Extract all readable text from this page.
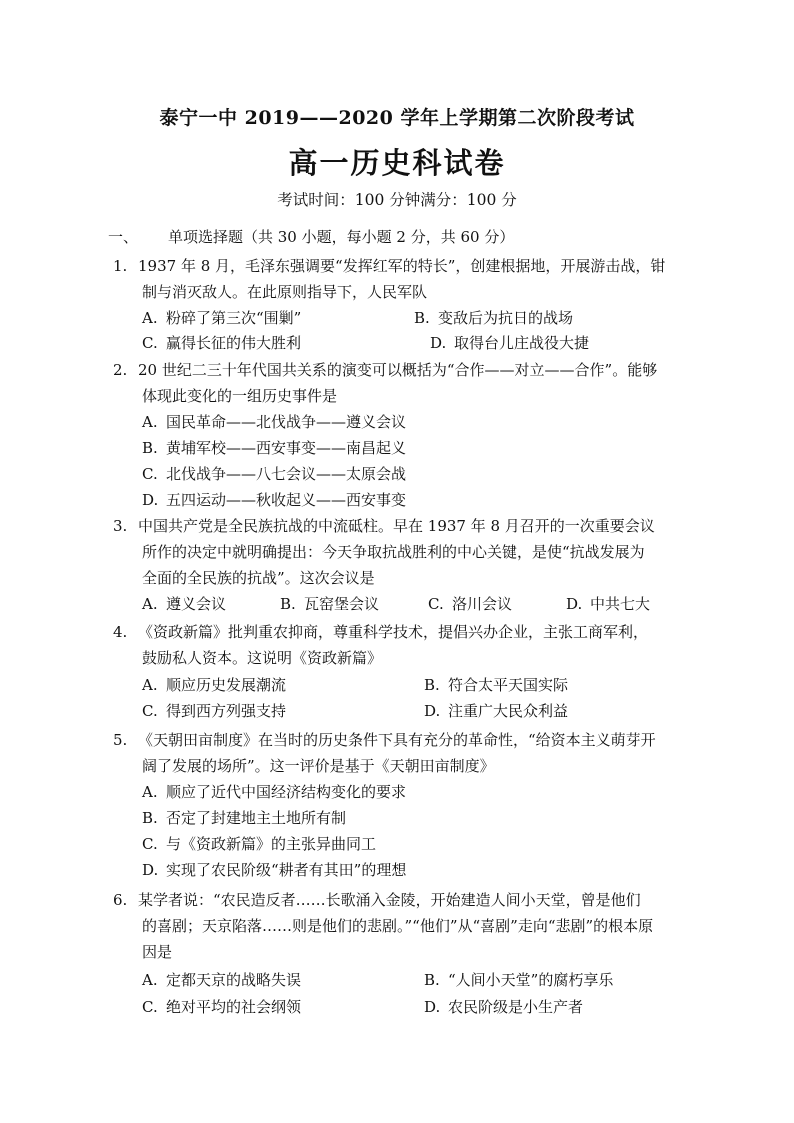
泰宁一中 2019——2020 学年上学期第二次阶段考试
高一历史科试卷
考试时间：100 分钟满分：100 分
一、 单项选择题（共 30 小题，每小题 2 分，共 60 分）
1. 1937 年 8 月，毛泽东强调要“发挥红军的特长”，创建根据地，开展游击战，钳
制与消灭敌人。在此原则指导下，人民军队
A. 粉碎了第三次“围剿”	B. 变敌后为抗日的战场
C. 赢得长征的伟大胜利	D. 取得台儿庄战役大捷
2. 20 世纪二三十年代国共关系的演变可以概括为“合作——对立——合作”。能够
体现此变化的一组历史事件是
A. 国民革命——北伐战争——遵义会议
B. 黄埔军校——西安事变——南昌起义
C. 北伐战争——八七会议——太原会战
D. 五四运动——秋收起义——西安事变
3. 中国共产党是全民族抗战的中流砥柱。早在 1937 年 8 月召开的一次重要会议
所作的决定中就明确提出：今天争取抗战胜利的中心关键，是使“抗战发展为
全面的全民族的抗战”。这次会议是
A. 遵义会议	B. 瓦窑堡会议	C. 洛川会议	D. 中共七大
4. 《资政新篇》批判重农抑商，尊重科学技术，提倡兴办企业，主张工商军利，
鼓励私人资本。这说明《资政新篇》
A. 顺应历史发展潮流	B. 符合太平天国实际
C. 得到西方列强支持	D. 注重广大民众利益
5. 《天朝田亩制度》在当时的历史条件下具有充分的革命性，“给资本主义萌芽开
阔了发展的场所”。这一评价是基于《天朝田亩制度》
A. 顺应了近代中国经济结构变化的要求
B. 否定了封建地主土地所有制
C. 与《资政新篇》的主张异曲同工
D. 实现了农民阶级“耕者有其田”的理想
6. 某学者说：“农民造反者……长歌涌入金陵，开始建造人间小天堂，曾是他们
的喜剧；天京陷落……则是他们的悲剧。”“他们”从“喜剧”走向“悲剧”的根本原
因是
A. 定都天京的战略失误	B. “人间小天堂”的腐朽享乐
C. 绝对平均的社会纲领	D. 农民阶级是小生产者
